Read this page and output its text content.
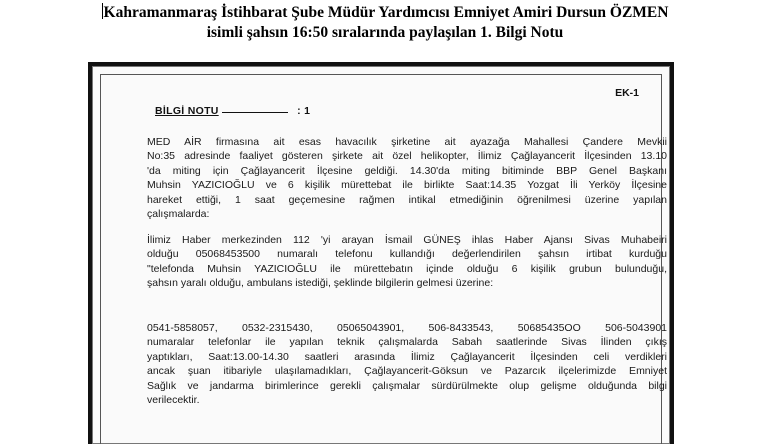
Kahramanmaraş İstihbarat Şube Müdür Yardımcısı Emniyet Amiri Dursun ÖZMEN
isimli şahsın 16:50 sıralarında paylaşılan 1. Bilgi Notu
EK-1
BİLGİ NOTU	: 1
MED AİR firmasına ait esas havacılık şirketine ait ayazağa Mahallesi Çandere Mevkii
No:35 adresinde faaliyet gösteren şirkete ait özel helikopter, İlimiz Çağlayancerit İlçesinden 13.10
'da miting için Çağlayancerit İlçesine geldiği. 14.30'da miting bitiminde BBP Genel Başkanı
Muhsin YAZICIOĞLU ve 6 kişilik mürettebat ile birlikte Saat:14.35 Yozgat İli Yerköy İlçesine
hareket ettiği, 1 saat geçemesine rağmen intikal etmediğinin öğrenilmesi üzerine yapılan
çalışmalarda:
İlimiz Haber merkezinden 112 'yi arayan İsmail GÜNEŞ ihlas Haber Ajansı Sivas Muhabeiri
olduğu 05068453500 numaralı telefonu kullandığı değerlendirilen şahsın irtibat kurduğu
"telefonda Muhsin YAZICIOĞLU ile mürettebatın içinde olduğu 6 kişilik grubun bulunduğu,
şahsın yaralı olduğu, ambulans istediği, şeklinde bilgilerin gelmesi üzerine:
0541-5858057, 0532-2315430, 05065043901, 506-8433543, 50685435OO 506-5043901
numaralar telefonlar ile yapılan teknik çalışmalarda Sabah saatlerinde Sivas İlinden çıkış
yaptıkları, Saat:13.00-14.30 saatleri arasında İlimiz Çağlayancerit İlçesinden celi verdikleri
ancak şuan itibariyle ulaşılamadıkları, Çağlayancerit-Göksun ve Pazarcık ilçelerimizde Emniyet
Sağlık ve jandarma birimlerince gerekli çalışmalar sürdürülmekte olup gelişme olduğunda bilgi
verilecektir.
